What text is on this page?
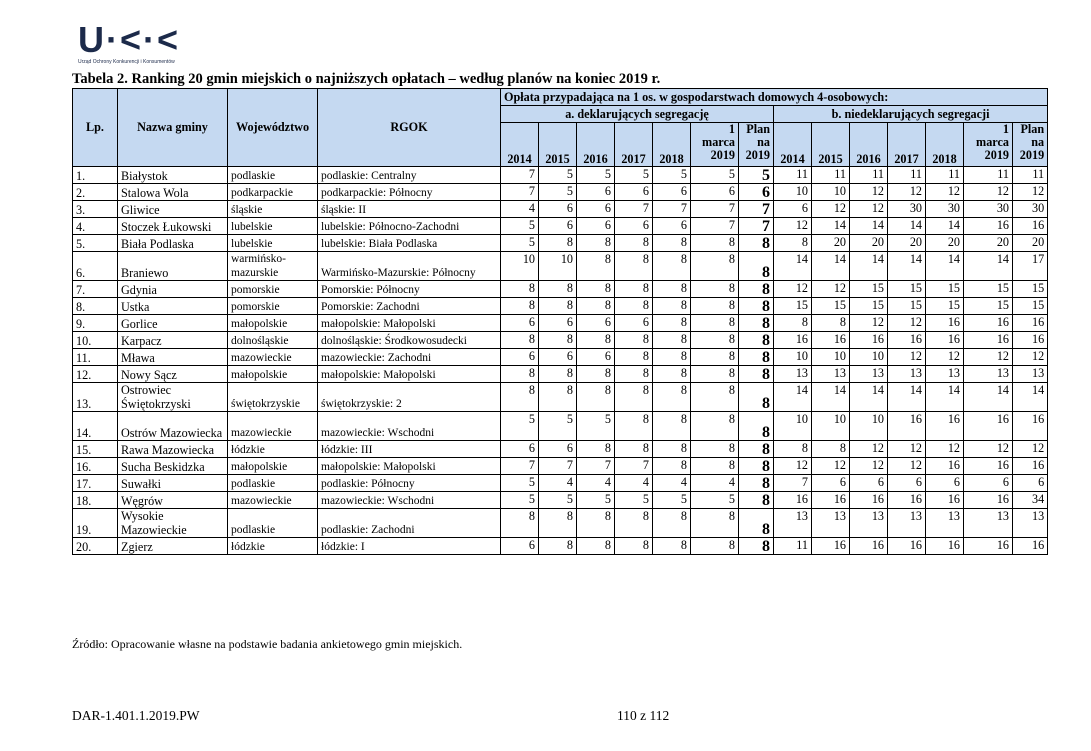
U·<·<
Urząd Ochrony Konkurencji i Konsumentów
Tabela 2. Ranking 20 gmin miejskich o najniższych opłatach – według planów na koniec 2019 r.
Lp.	Nazwa gminy	Województwo	RGOK	Opłata przypadająca na 1 os. w gospodarstwach domowych 4-osobowych:													
				a. deklarujących segregację							b. niedeklarujących segregacji						
				2014	2015	2016	2017	2018	1
marca
2019	Plan
na
2019	2014	2015	2016	2017	2018	1
marca
2019	Plan
na
2019
1.	Białystok	podlaskie	podlaskie: Centralny	7	5	5	5	5	5	5	11	11	11	11	11	11	11
2.	Stalowa Wola	podkarpackie	podkarpackie: Północny	7	5	6	6	6	6	6	10	10	12	12	12	12	12
3.	Gliwice	śląskie	śląskie: II	4	6	6	7	7	7	7	6	12	12	30	30	30	30
4.	Stoczek Łukowski	lubelskie	lubelskie: Północno-Zachodni	5	6	6	6	6	7	7	12	14	14	14	14	16	16
5.	Biała Podlaska	lubelskie	lubelskie: Biała Podlaska	5	8	8	8	8	8	8	8	20	20	20	20	20	20
6.	Braniewo	warmińsko-mazurskie	Warmińsko-Mazurskie: Północny	10	10	8	8	8	8	8	14	14	14	14	14	14	17
7.	Gdynia	pomorskie	Pomorskie: Północny	8	8	8	8	8	8	8	12	12	15	15	15	15	15
8.	Ustka	pomorskie	Pomorskie: Zachodni	8	8	8	8	8	8	8	15	15	15	15	15	15	15
9.	Gorlice	małopolskie	małopolskie: Małopolski	6	6	6	6	8	8	8	8	8	12	12	16	16	16
10.	Karpacz	dolnośląskie	dolnośląskie: Środkowosudecki	8	8	8	8	8	8	8	16	16	16	16	16	16	16
11.	Mława	mazowieckie	mazowieckie: Zachodni	6	6	6	8	8	8	8	10	10	10	12	12	12	12
12.	Nowy Sącz	małopolskie	małopolskie: Małopolski	8	8	8	8	8	8	8	13	13	13	13	13	13	13
13.	Ostrowiec Świętokrzyski	świętokrzyskie	świętokrzyskie: 2	8	8	8	8	8	8	8	14	14	14	14	14	14	14
14.	Ostrów Mazowiecka	mazowieckie	mazowieckie: Wschodni	5	5	5	8	8	8	8	10	10	10	16	16	16	16
15.	Rawa Mazowiecka	łódzkie	łódzkie: III	6	6	8	8	8	8	8	8	8	12	12	12	12	12
16.	Sucha Beskidzka	małopolskie	małopolskie: Małopolski	7	7	7	7	8	8	8	12	12	12	12	16	16	16
17.	Suwałki	podlaskie	podlaskie: Północny	5	4	4	4	4	4	8	7	6	6	6	6	6	6
18.	Węgrów	mazowieckie	mazowieckie: Wschodni	5	5	5	5	5	5	8	16	16	16	16	16	16	34
19.	Wysokie Mazowieckie	podlaskie	podlaskie: Zachodni	8	8	8	8	8	8	8	13	13	13	13	13	13	13
20.	Zgierz	łódzkie	łódzkie: I	6	8	8	8	8	8	8	11	16	16	16	16	16	16
Źródło: Opracowanie własne na podstawie badania ankietowego gmin miejskich.
DAR-1.401.1.2019.PW	110 z 112
